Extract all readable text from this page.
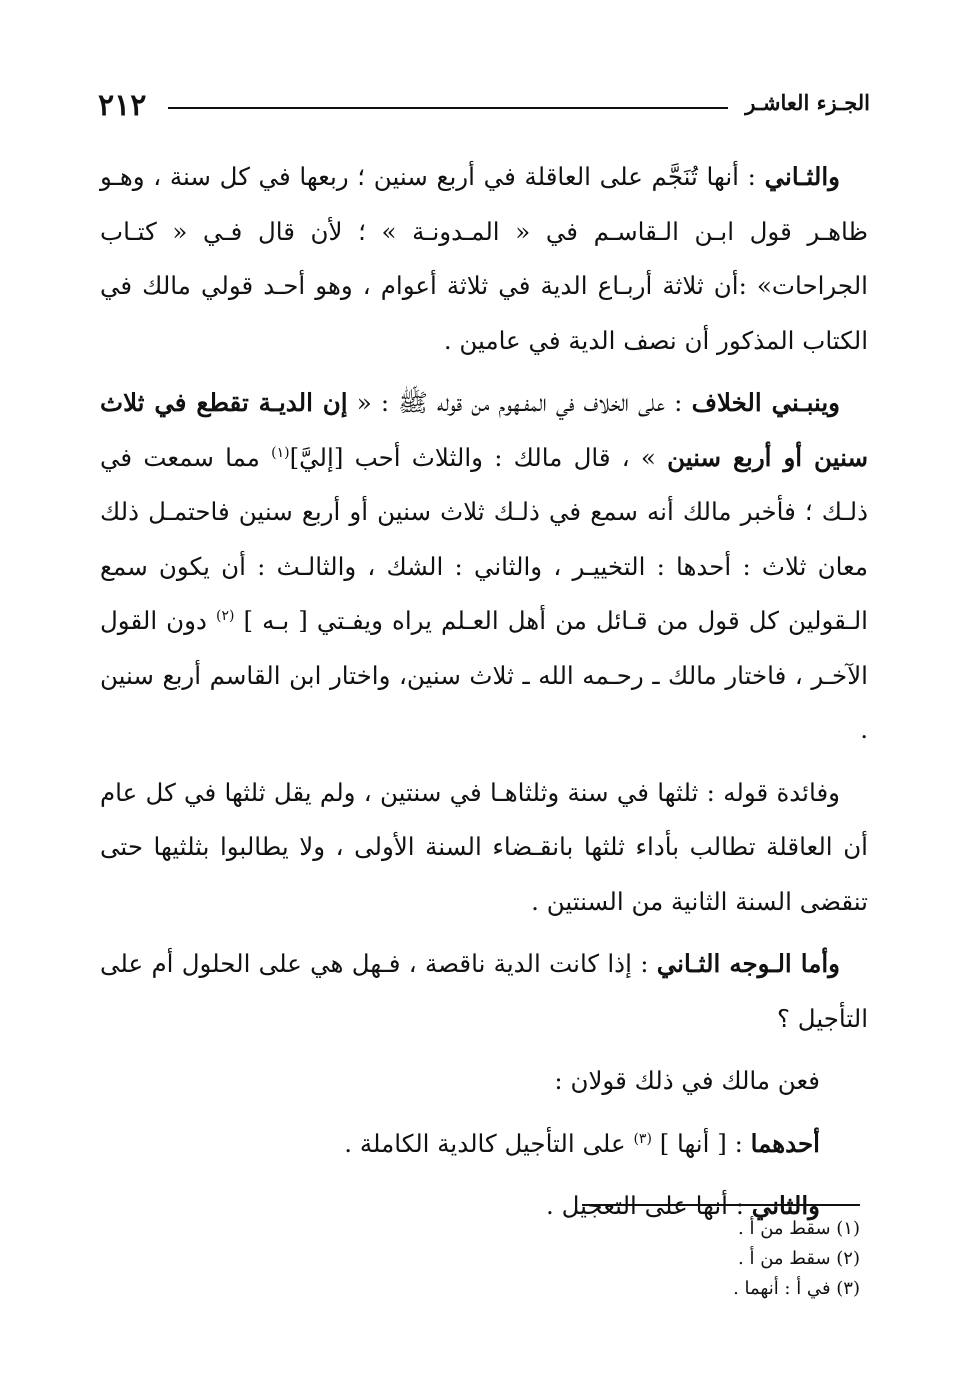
٢١٢	الجـزء العاشـر

والثـاني : أنها تُنَجَّم على العاقلة في أربع سنين ؛ ربعها في كل سنة ، وهـو ظاهـر قول ابـن الـقاسـم في « المـدونـة » ؛ لأن قال فـي « كتـاب الجراحات» :أن ثلاثة أربـاع الدية في ثلاثة أعوام ، وهو أحـد قولي مالك في الكتاب المذكور أن نصف الدية في عامين .

وينبـني الخلاف : على الخلاف في المفـهوم من قوله ﷺ : « إن الديـة تقطع في ثلاث سنين أو أربع سنين » ، قال مالك : والثلاث أحب [إليَّ]$^{(١)}$ مما سمعت في ذلـك ؛ فأخبر مالك أنه سمع في ذلـك ثلاث سنين أو أربع سنين فاحتمـل ذلك معان ثلاث : أحدها : التخييـر ، والثاني : الشك ، والثالـث : أن يكون سمع الـقولين كل قول من قـائل من أهل العـلم يراه ويفـتي [ بـه ] $^{(٢)}$ دون القول الآخـر ، فاختار مالك ـ رحـمه الله ـ ثلاث سنين، واختار ابن القاسم أربع سنين .

وفائدة قوله : ثلثها في سنة وثلثاهـا في سنتين ، ولم يقل ثلثها في كل عام أن العاقلة تطالب بأداء ثلثها بانقـضاء السنة الأولى ، ولا يطالبوا بثلثيها حتى تنقضى السنة الثانية من السنتين .

وأما الـوجه الثـاني : إذا كانت الدية ناقصة ، فـهل هي على الحلول أم على التأجيل ؟

فعن مالك في ذلك قولان :

أحدهما : [ أنها ] $^{(٣)}$ على التأجيل كالدية الكاملة .

والثاني : أنها على التعجيل .

(١) سقط من أ .

(٢) سقط من أ .

(٣) في أ : أنهما .
